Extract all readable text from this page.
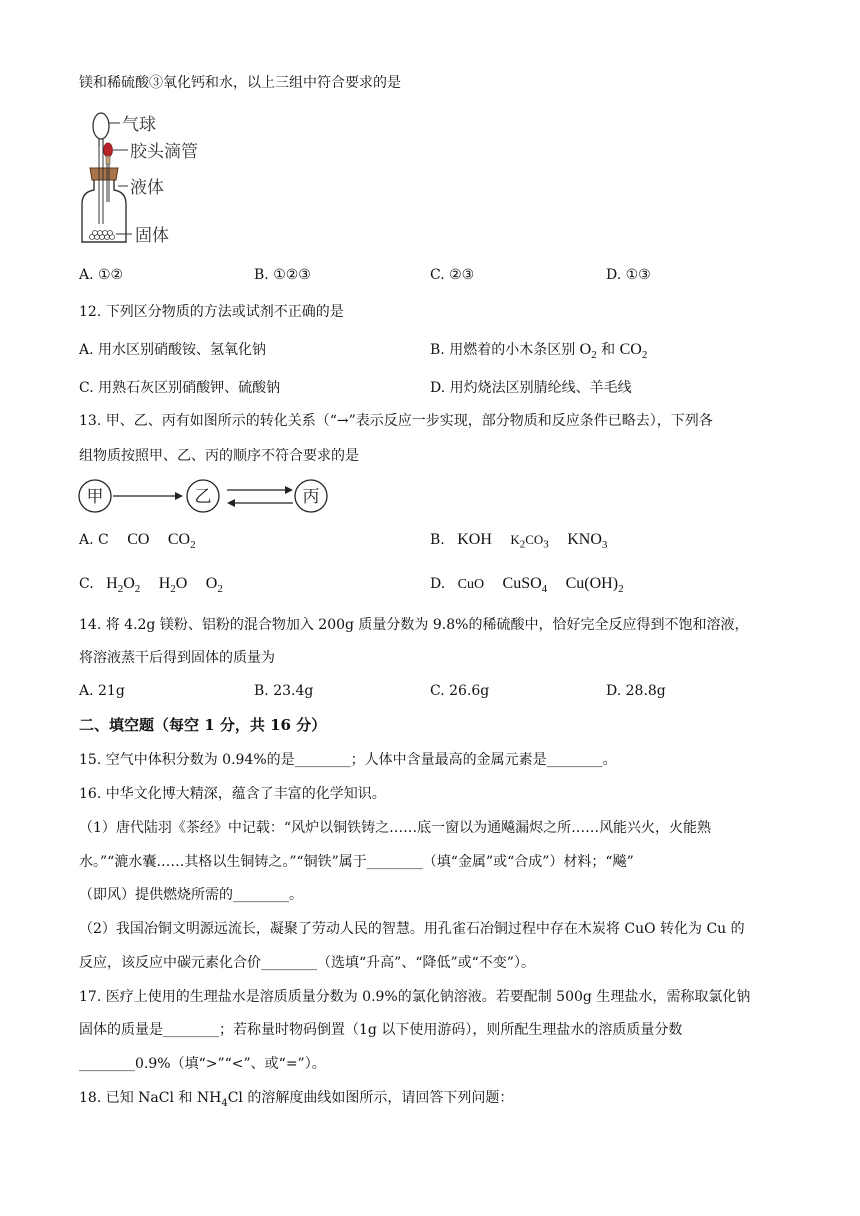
镁和稀硫酸③氧化钙和水，以上三组中符合要求的是
气球
胶头滴管
液体
固体
A. ①②	B. ①②③	C. ②③	D. ①③
12. 下列区分物质的方法或试剂不正确的是
A. 用水区别硝酸铵、氢氧化钠	B. 用燃着的小木条区别 $O_2$ 和 $CO_2$
C. 用熟石灰区别硝酸钾、硫酸钠	D. 用灼烧法区别腈纶线、羊毛线
13. 甲、乙、丙有如图所示的转化关系（“→”表示反应一步实现，部分物质和反应条件已略去），下列各
组物质按照甲、乙、丙的顺序不符合要求的是
甲	乙	丙
A. C CO $CO_2$	B. KOH $K_2CO_3$ $KNO_3$
C. $H_2O_2$ $H_2O$ $O_2$	D. CuO CuSO$_4$ $Cu(OH)_2$
14. 将 4.2g 镁粉、铝粉的混合物加入 200g 质量分数为 9.8%的稀硫酸中，恰好完全反应得到不饱和溶液，
将溶液蒸干后得到固体的质量为
A. 21g	B. 23.4g	C. 26.6g	D. 28.8g
二、填空题（每空 1 分，共 16 分）
15. 空气中体积分数为 0.94%的是________；人体中含量最高的金属元素是________。
16. 中华文化博大精深，蕴含了丰富的化学知识。
（1）唐代陆羽《茶经》中记载：“风炉以铜铁铸之……底一窗以为通飚漏烬之所……风能兴火，火能熟
水。”“漉水囊……其格以生铜铸之。”“铜铁”属于________（填“金属”或“合成”）材料；“飚”
（即风）提供燃烧所需的________。
（2）我国冶铜文明源远流长，凝聚了劳动人民的智慧。用孔雀石冶铜过程中存在木炭将 CuO 转化为 Cu 的
反应，该反应中碳元素化合价________（选填“升高”、“降低”或“不变”）。
17. 医疗上使用的生理盐水是溶质质量分数为 0.9%的氯化钠溶液。若要配制 500g 生理盐水，需称取氯化钠
固体的质量是________；若称量时物码倒置（1g 以下使用游码），则所配生理盐水的溶质质量分数
________0.9%（填“>”“<”、或“=”）。
18. 已知 NaCl 和 $NH_4Cl$ 的溶解度曲线如图所示，请回答下列问题：
